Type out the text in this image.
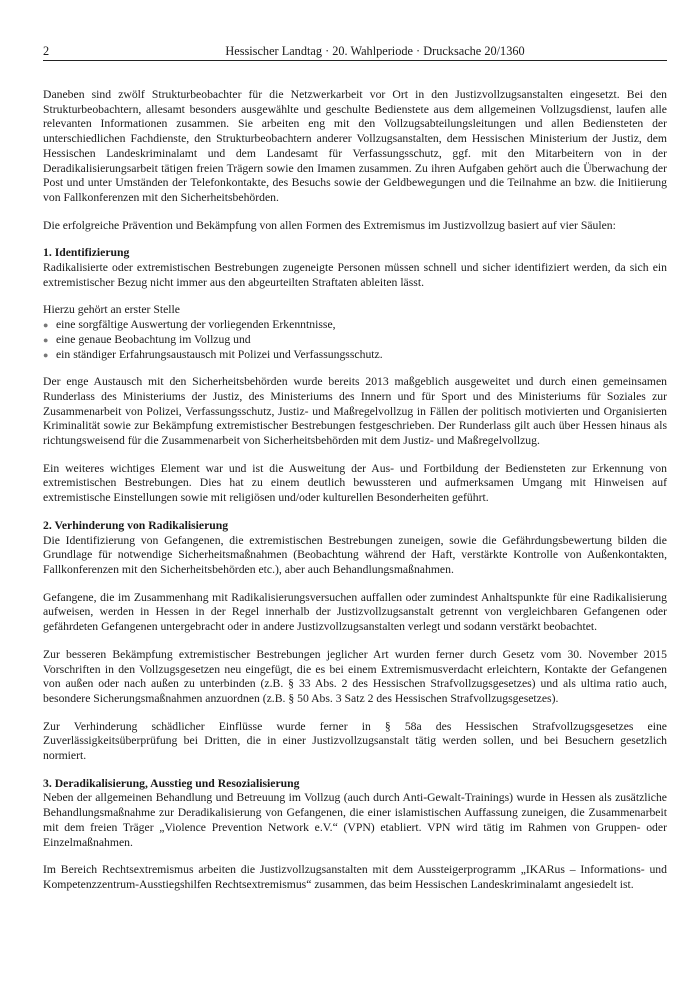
2	Hessischer Landtag · 20. Wahlperiode · Drucksache 20/1360

Daneben sind zwölf Strukturbeobachter für die Netzwerkarbeit vor Ort in den Justizvollzugsanstalten eingesetzt. Bei den Strukturbeobachtern, allesamt besonders ausgewählte und geschulte Bedienstete aus dem allgemeinen Vollzugsdienst, laufen alle relevanten Informationen zusammen. Sie arbeiten eng mit den Vollzugsabteilungsleitungen und allen Bediensteten der unterschiedlichen Fachdienste, den Strukturbeobachtern anderer Vollzugsanstalten, dem Hessischen Ministerium der Justiz, dem Hessischen Landeskriminalamt und dem Landesamt für Verfassungsschutz, ggf. mit den Mitarbeitern von in der Deradikalisierungsarbeit tätigen freien Trägern sowie den Imamen zusammen. Zu ihren Aufgaben gehört auch die Überwachung der Post und unter Umständen der Telefonkontakte, des Besuchs sowie der Geldbewegungen und die Teilnahme an bzw. die Initiierung von Fallkonferenzen mit den Sicherheitsbehörden.

Die erfolgreiche Prävention und Bekämpfung von allen Formen des Extremismus im Justizvollzug basiert auf vier Säulen:

1. Identifizierung

Radikalisierte oder extremistischen Bestrebungen zugeneigte Personen müssen schnell und sicher identifiziert werden, da sich ein extremistischer Bezug nicht immer aus den abgeurteilten Straftaten ableiten lässt.

Hierzu gehört an erster Stelle

● eine sorgfältige Auswertung der vorliegenden Erkenntnisse,
● eine genaue Beobachtung im Vollzug und
● ein ständiger Erfahrungsaustausch mit Polizei und Verfassungsschutz.

Der enge Austausch mit den Sicherheitsbehörden wurde bereits 2013 maßgeblich ausgeweitet und durch einen gemeinsamen Runderlass des Ministeriums der Justiz, des Ministeriums des Innern und für Sport und des Ministeriums für Soziales zur Zusammenarbeit von Polizei, Verfassungsschutz, Justiz- und Maßregelvollzug in Fällen der politisch motivierten und Organisierten Kriminalität sowie zur Bekämpfung extremistischer Bestrebungen festgeschrieben. Der Runderlass gilt auch über Hessen hinaus als richtungsweisend für die Zusammenarbeit von Sicherheitsbehörden mit dem Justiz- und Maßregelvollzug.

Ein weiteres wichtiges Element war und ist die Ausweitung der Aus- und Fortbildung der Bediensteten zur Erkennung von extremistischen Bestrebungen. Dies hat zu einem deutlich bewussteren und aufmerksamen Umgang mit Hinweisen auf extremistische Einstellungen sowie mit religiösen und/oder kulturellen Besonderheiten geführt.

2. Verhinderung von Radikalisierung

Die Identifizierung von Gefangenen, die extremistischen Bestrebungen zuneigen, sowie die Gefährdungsbewertung bilden die Grundlage für notwendige Sicherheitsmaßnahmen (Beobachtung während der Haft, verstärkte Kontrolle von Außenkontakten, Fallkonferenzen mit den Sicherheitsbehörden etc.), aber auch Behandlungsmaßnahmen.

Gefangene, die im Zusammenhang mit Radikalisierungsversuchen auffallen oder zumindest Anhaltspunkte für eine Radikalisierung aufweisen, werden in Hessen in der Regel innerhalb der Justizvollzugsanstalt getrennt von vergleichbaren Gefangenen oder gefährdeten Gefangenen untergebracht oder in andere Justizvollzugsanstalten verlegt und sodann verstärkt beobachtet.

Zur besseren Bekämpfung extremistischer Bestrebungen jeglicher Art wurden ferner durch Gesetz vom 30. November 2015 Vorschriften in den Vollzugsgesetzen neu eingefügt, die es bei einem Extremismusverdacht erleichtern, Kontakte der Gefangenen von außen oder nach außen zu unterbinden (z.B. § 33 Abs. 2 des Hessischen Strafvollzugsgesetzes) und als ultima ratio auch, besondere Sicherungsmaßnahmen anzuordnen (z.B. § 50 Abs. 3 Satz 2 des Hessischen Strafvollzugsgesetzes).

Zur Verhinderung schädlicher Einflüsse wurde ferner in § 58a des Hessischen Strafvollzugsgesetzes eine Zuverlässigkeitsüberprüfung bei Dritten, die in einer Justizvollzugsanstalt tätig werden sollen, und bei Besuchern gesetzlich normiert.

3. Deradikalisierung, Ausstieg und Resozialisierung

Neben der allgemeinen Behandlung und Betreuung im Vollzug (auch durch Anti-Gewalt-Trainings) wurde in Hessen als zusätzliche Behandlungsmaßnahme zur Deradikalisierung von Gefangenen, die einer islamistischen Auffassung zuneigen, die Zusammenarbeit mit dem freien Träger „Violence Prevention Network e.V.“ (VPN) etabliert. VPN wird tätig im Rahmen von Gruppen- oder Einzelmaßnahmen.

Im Bereich Rechtsextremismus arbeiten die Justizvollzugsanstalten mit dem Aussteigerprogramm „IKARus – Informations- und Kompetenzzentrum-Ausstiegshilfen Rechtsextremismus“ zusammen, das beim Hessischen Landeskriminalamt angesiedelt ist.
